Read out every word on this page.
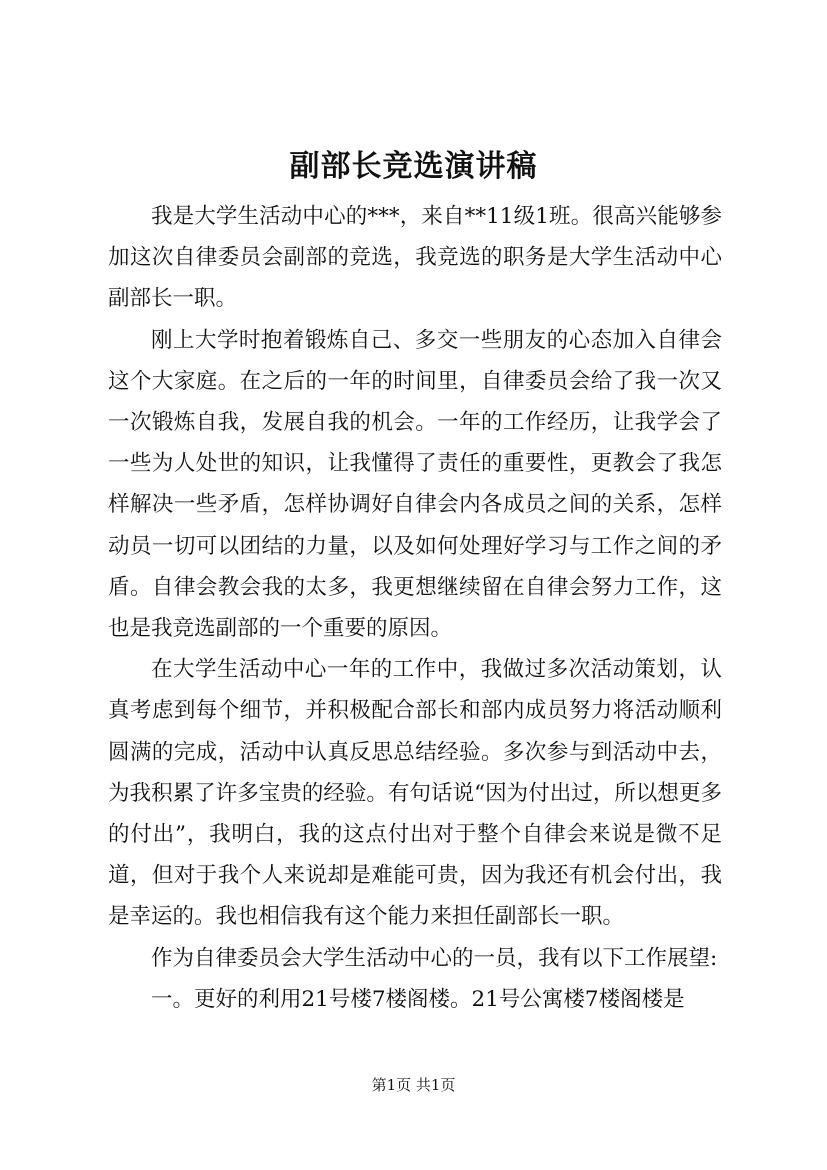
副部长竞选演讲稿

我是大学生活动中心的***，来自**11级1班。很高兴能够参加这次自律委员会副部的竞选，我竞选的职务是大学生活动中心副部长一职。

刚上大学时抱着锻炼自己、多交一些朋友的心态加入自律会这个大家庭。在之后的一年的时间里，自律委员会给了我一次又一次锻炼自我，发展自我的机会。一年的工作经历，让我学会了一些为人处世的知识，让我懂得了责任的重要性，更教会了我怎样解决一些矛盾，怎样协调好自律会内各成员之间的关系，怎样动员一切可以团结的力量，以及如何处理好学习与工作之间的矛盾。自律会教会我的太多，我更想继续留在自律会努力工作，这也是我竞选副部的一个重要的原因。

在大学生活动中心一年的工作中，我做过多次活动策划，认真考虑到每个细节，并积极配合部长和部内成员努力将活动顺利圆满的完成，活动中认真反思总结经验。多次参与到活动中去，为我积累了许多宝贵的经验。有句话说“因为付出过，所以想更多的付出”，我明白，我的这点付出对于整个自律会来说是微不足道，但对于我个人来说却是难能可贵，因为我还有机会付出，我是幸运的。我也相信我有这个能力来担任副部长一职。

作为自律委员会大学生活动中心的一员，我有以下工作展望:

一。更好的利用21号楼7楼阁楼。21号公寓楼7楼阁楼是

第1页 共1页
